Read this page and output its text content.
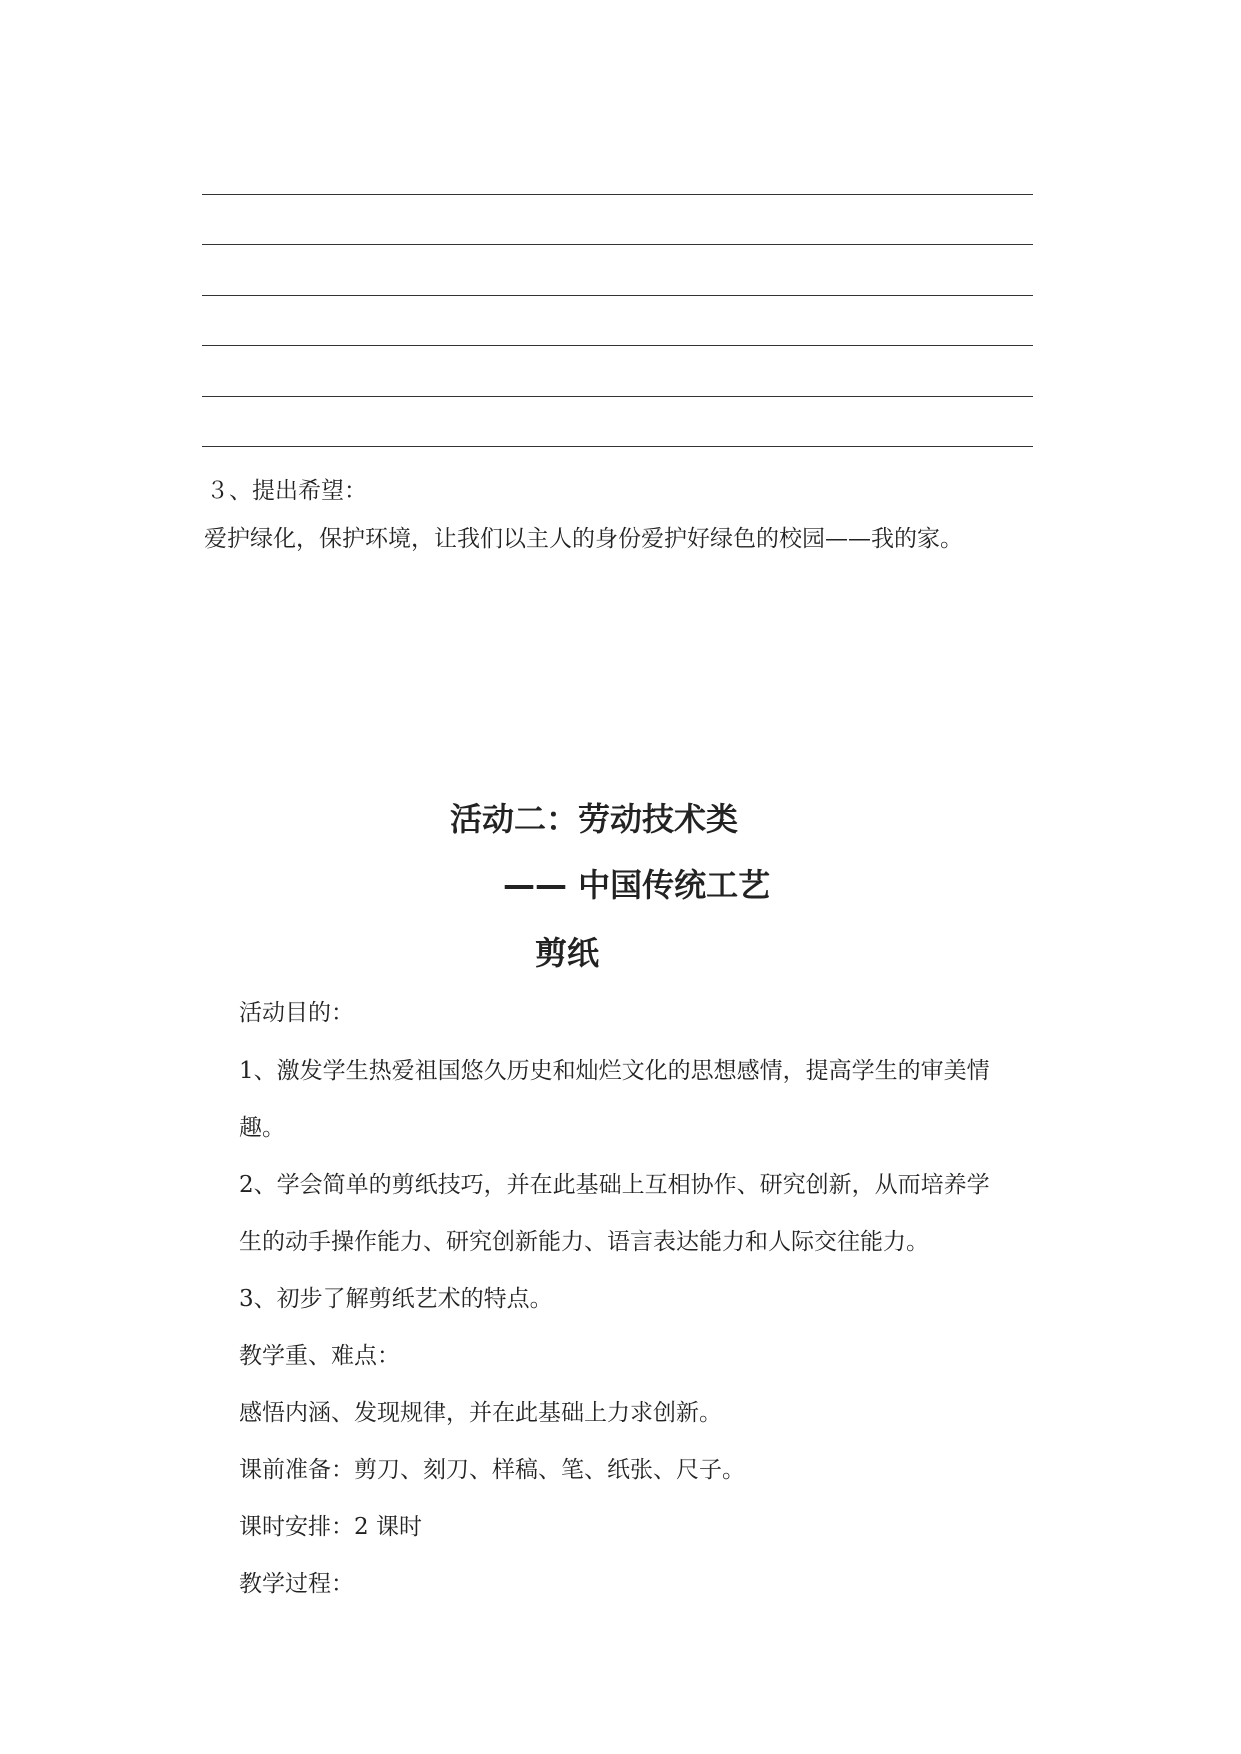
３、提出希望：
爱护绿化，保护环境，让我们以主人的身份爱护好绿色的校园——我的家。
活动二：劳动技术类
—— 中国传统工艺
剪纸
活动目的：
1、激发学生热爱祖国悠久历史和灿烂文化的思想感情，提高学生的审美情
趣。
2、学会简单的剪纸技巧，并在此基础上互相协作、研究创新，从而培养学
生的动手操作能力、研究创新能力、语言表达能力和人际交往能力。
3、初步了解剪纸艺术的特点。
教学重、难点：
感悟内涵、发现规律，并在此基础上力求创新。
课前准备：剪刀、刻刀、样稿、笔、纸张、尺子。
课时安排：2 课时
教学过程：
